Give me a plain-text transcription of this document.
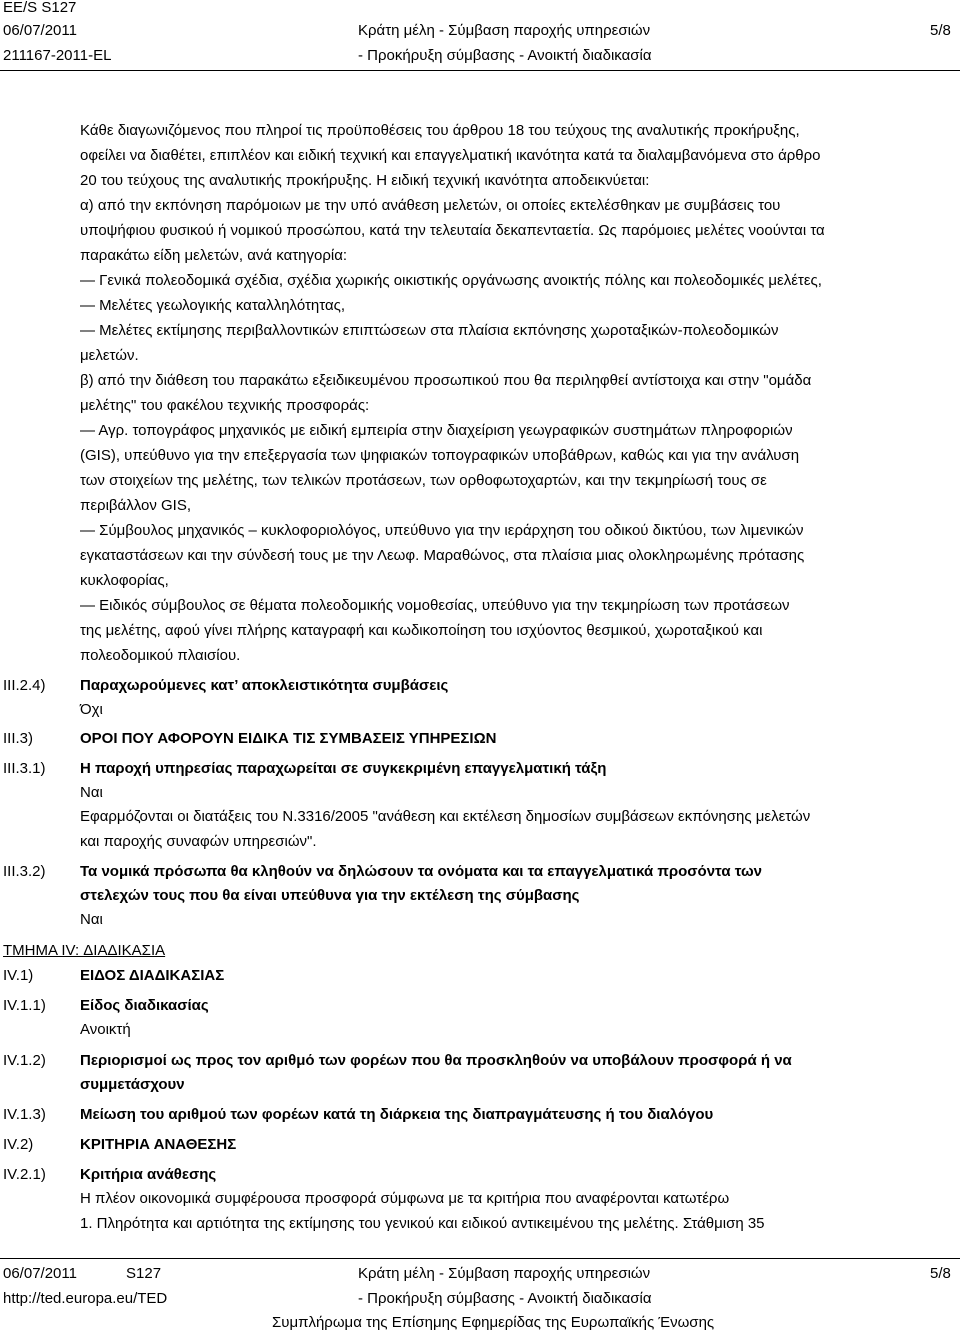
EE/S S127
06/07/2011
211167-2011-EL
Κράτη μέλη - Σύμβαση παροχής υπηρεσιών
- Προκήρυξη σύμβασης - Ανοικτή διαδικασία
5/8
Κάθε διαγωνιζόμενος που πληροί τις προϋποθέσεις του άρθρου 18 του τεύχους της αναλυτικής προκήρυξης,
οφείλει να διαθέτει, επιπλέον και ειδική τεχνική και επαγγελματική ικανότητα κατά τα διαλαμβανόμενα στο άρθρο
20 του τεύχους της αναλυτικής προκήρυξης. Η ειδική τεχνική ικανότητα αποδεικνύεται:
α) από την εκπόνηση παρόμοιων με την υπό ανάθεση μελετών, οι οποίες εκτελέσθηκαν με συμβάσεις του
υποψήφιου φυσικού ή νομικού προσώπου, κατά την τελευταία δεκαπενταετία. Ως παρόμοιες μελέτες νοούνται τα
παρακάτω είδη μελετών, ανά κατηγορία:
— Γενικά πολεοδομικά σχέδια, σχέδια χωρικής οικιστικής οργάνωσης ανοικτής πόλης και πολεοδομικές μελέτες,
— Μελέτες γεωλογικής καταλληλότητας,
— Μελέτες εκτίμησης περιβαλλοντικών επιπτώσεων στα πλαίσια εκπόνησης χωροταξικών-πολεοδομικών
μελετών.
β) από την διάθεση του παρακάτω εξειδικευμένου προσωπικού που θα περιληφθεί αντίστοιχα και στην "ομάδα
μελέτης" του φακέλου τεχνικής προσφοράς:
— Αγρ. τοπογράφος μηχανικός με ειδική εμπειρία στην διαχείριση γεωγραφικών συστημάτων πληροφοριών
(GIS), υπεύθυνο για την επεξεργασία των ψηφιακών τοπογραφικών υποβάθρων, καθώς και για την ανάλυση
των στοιχείων της μελέτης, των τελικών προτάσεων, των ορθοφωτοχαρτών, και την τεκμηρίωσή τους σε
περιβάλλον GIS,
— Σύμβουλος μηχανικός – κυκλοφοριολόγος, υπεύθυνο για την ιεράρχηση του οδικού δικτύου, των λιμενικών
εγκαταστάσεων και την σύνδεσή τους με την Λεωφ. Μαραθώνος, στα πλαίσια μιας ολοκληρωμένης πρότασης
κυκλοφορίας,
— Ειδικός σύμβουλος σε θέματα πολεοδομικής νομοθεσίας, υπεύθυνο για την τεκμηρίωση των προτάσεων
της μελέτης, αφού γίνει πλήρης καταγραφή και κωδικοποίηση του ισχύοντος θεσμικού, χωροταξικού και
πολεοδομικού πλαισίου.
III.2.4) Παραχωρούμενες κατ’ αποκλειστικότητα συμβάσεις
Όχι
III.3)	ΟΡΟΙ ΠΟΥ ΑΦΟΡΟΥΝ ΕΙΔΙΚΑ ΤΙΣ ΣΥΜΒΑΣΕΙΣ ΥΠΗΡΕΣΙΩΝ
III.3.1) Η παροχή υπηρεσίας παραχωρείται σε συγκεκριμένη επαγγελματική τάξη
Ναι
Εφαρμόζονται οι διατάξεις του Ν.3316/2005 "ανάθεση και εκτέλεση δημοσίων συμβάσεων εκπόνησης μελετών
και παροχής συναφών υπηρεσιών".
III.3.2) Τα νομικά πρόσωπα θα κληθούν να δηλώσουν τα ονόματα και τα επαγγελματικά προσόντα των
στελεχών τους που θα είναι υπεύθυνα για την εκτέλεση της σύμβασης
Ναι
ΤΜΗΜΑ IV: ΔΙΑΔΙΚΑΣΙΑ
IV.1)	ΕΙΔΟΣ ΔΙΑΔΙΚΑΣΙΑΣ
IV.1.1) Είδος διαδικασίας
Ανοικτή
IV.1.2) Περιορισμοί ως προς τον αριθμό των φορέων που θα προσκληθούν να υποβάλουν προσφορά ή να
συμμετάσχουν
IV.1.3) Μείωση του αριθμού των φορέων κατά τη διάρκεια της διαπραγμάτευσης ή του διαλόγου
IV.2)	ΚΡΙΤΗΡΙΑ ΑΝΑΘΕΣΗΣ
IV.2.1) Κριτήρια ανάθεσης
Η πλέον οικονομικά συμφέρουσα προσφορά σύμφωνα με τα κριτήρια που αναφέρονται κατωτέρω
1. Πληρότητα και αρτιότητα της εκτίμησης του γενικού και ειδικού αντικειμένου της μελέτης. Στάθμιση 35
06/07/2011	S127
http://ted.europa.eu/TED
Κράτη μέλη - Σύμβαση παροχής υπηρεσιών
- Προκήρυξη σύμβασης - Ανοικτή διαδικασία
Συμπλήρωμα της Επίσημης Εφημερίδας της Ευρωπαϊκής Ένωσης
5/8
